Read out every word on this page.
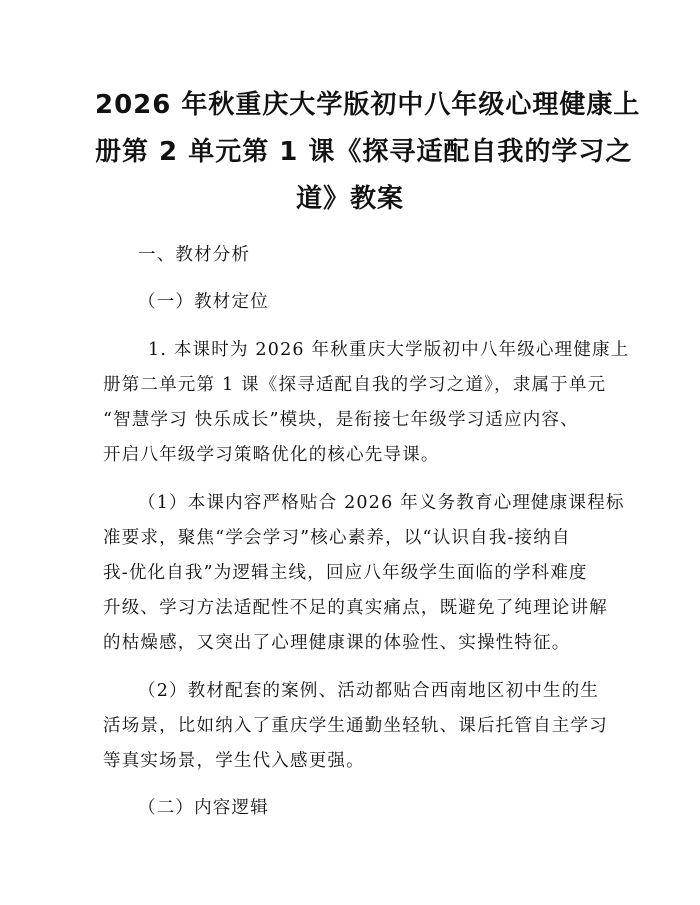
2026 年秋重庆大学版初中八年级心理健康上
册第 2 单元第 1 课《探寻适配自我的学习之
道》教案
一、教材分析
（一）教材定位
1. 本课时为 2026 年秋重庆大学版初中八年级心理健康上
册第二单元第 1 课《探寻适配自我的学习之道》，隶属于单元
“智慧学习 快乐成长”模块，是衔接七年级学习适应内容、
开启八年级学习策略优化的核心先导课。
（1）本课内容严格贴合 2026 年义务教育心理健康课程标
准要求，聚焦“学会学习”核心素养，以“认识自我-接纳自
我-优化自我”为逻辑主线，回应八年级学生面临的学科难度
升级、学习方法适配性不足的真实痛点，既避免了纯理论讲解
的枯燥感，又突出了心理健康课的体验性、实操性特征。
（2）教材配套的案例、活动都贴合西南地区初中生的生
活场景，比如纳入了重庆学生通勤坐轻轨、课后托管自主学习
等真实场景，学生代入感更强。
（二）内容逻辑
